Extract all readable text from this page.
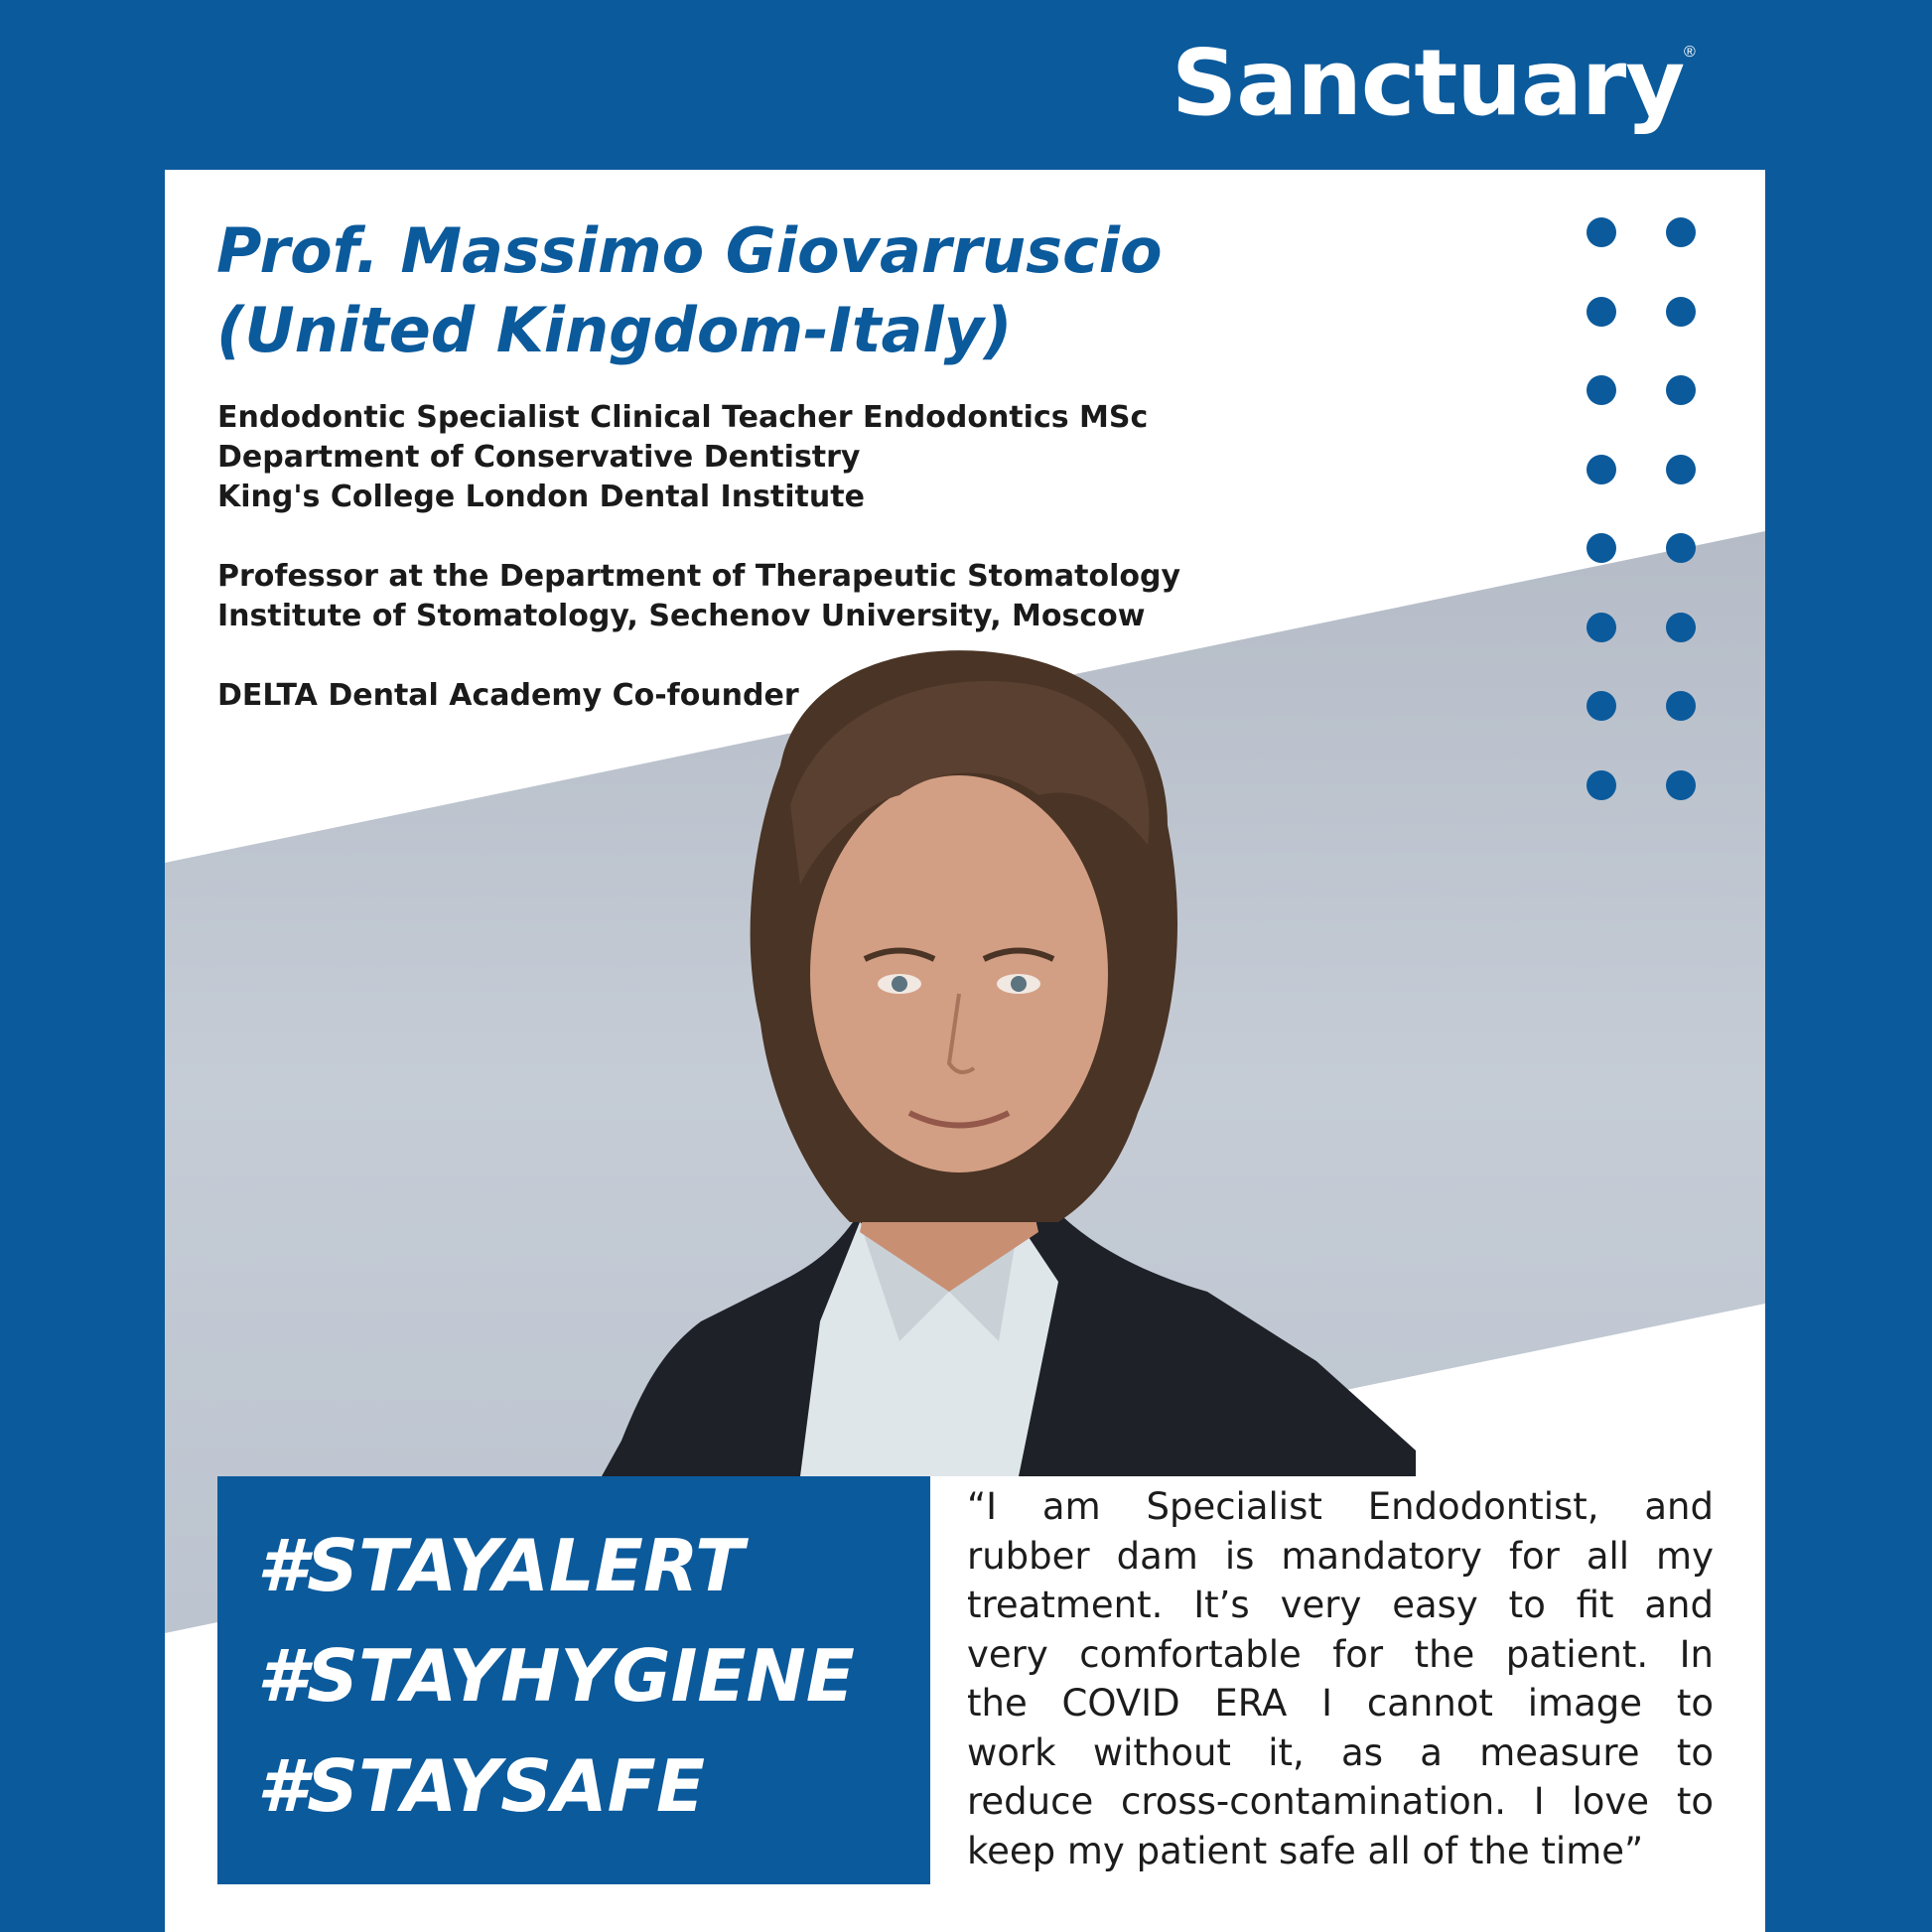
Sanctuary ®
Prof. Massimo Giovarruscio
(United Kingdom-Italy)
Endodontic Specialist Clinical Teacher Endodontics MSc
Department of Conservative Dentistry
King's College London Dental Institute
Professor at the Department of Therapeutic Stomatology
Institute of Stomatology, Sechenov University, Moscow
DELTA Dental Academy Co-founder
#STAYALERT
#STAYHYGIENE
#STAYSAFE
“I am Specialist Endodontist, and
rubber dam is mandatory for all my
treatment. It’s very easy to fit and
very comfortable for the patient. In
the COVID ERA I cannot image to
work without it, as a measure to
reduce cross-contamination. I love to
keep my patient safe all of the time”
